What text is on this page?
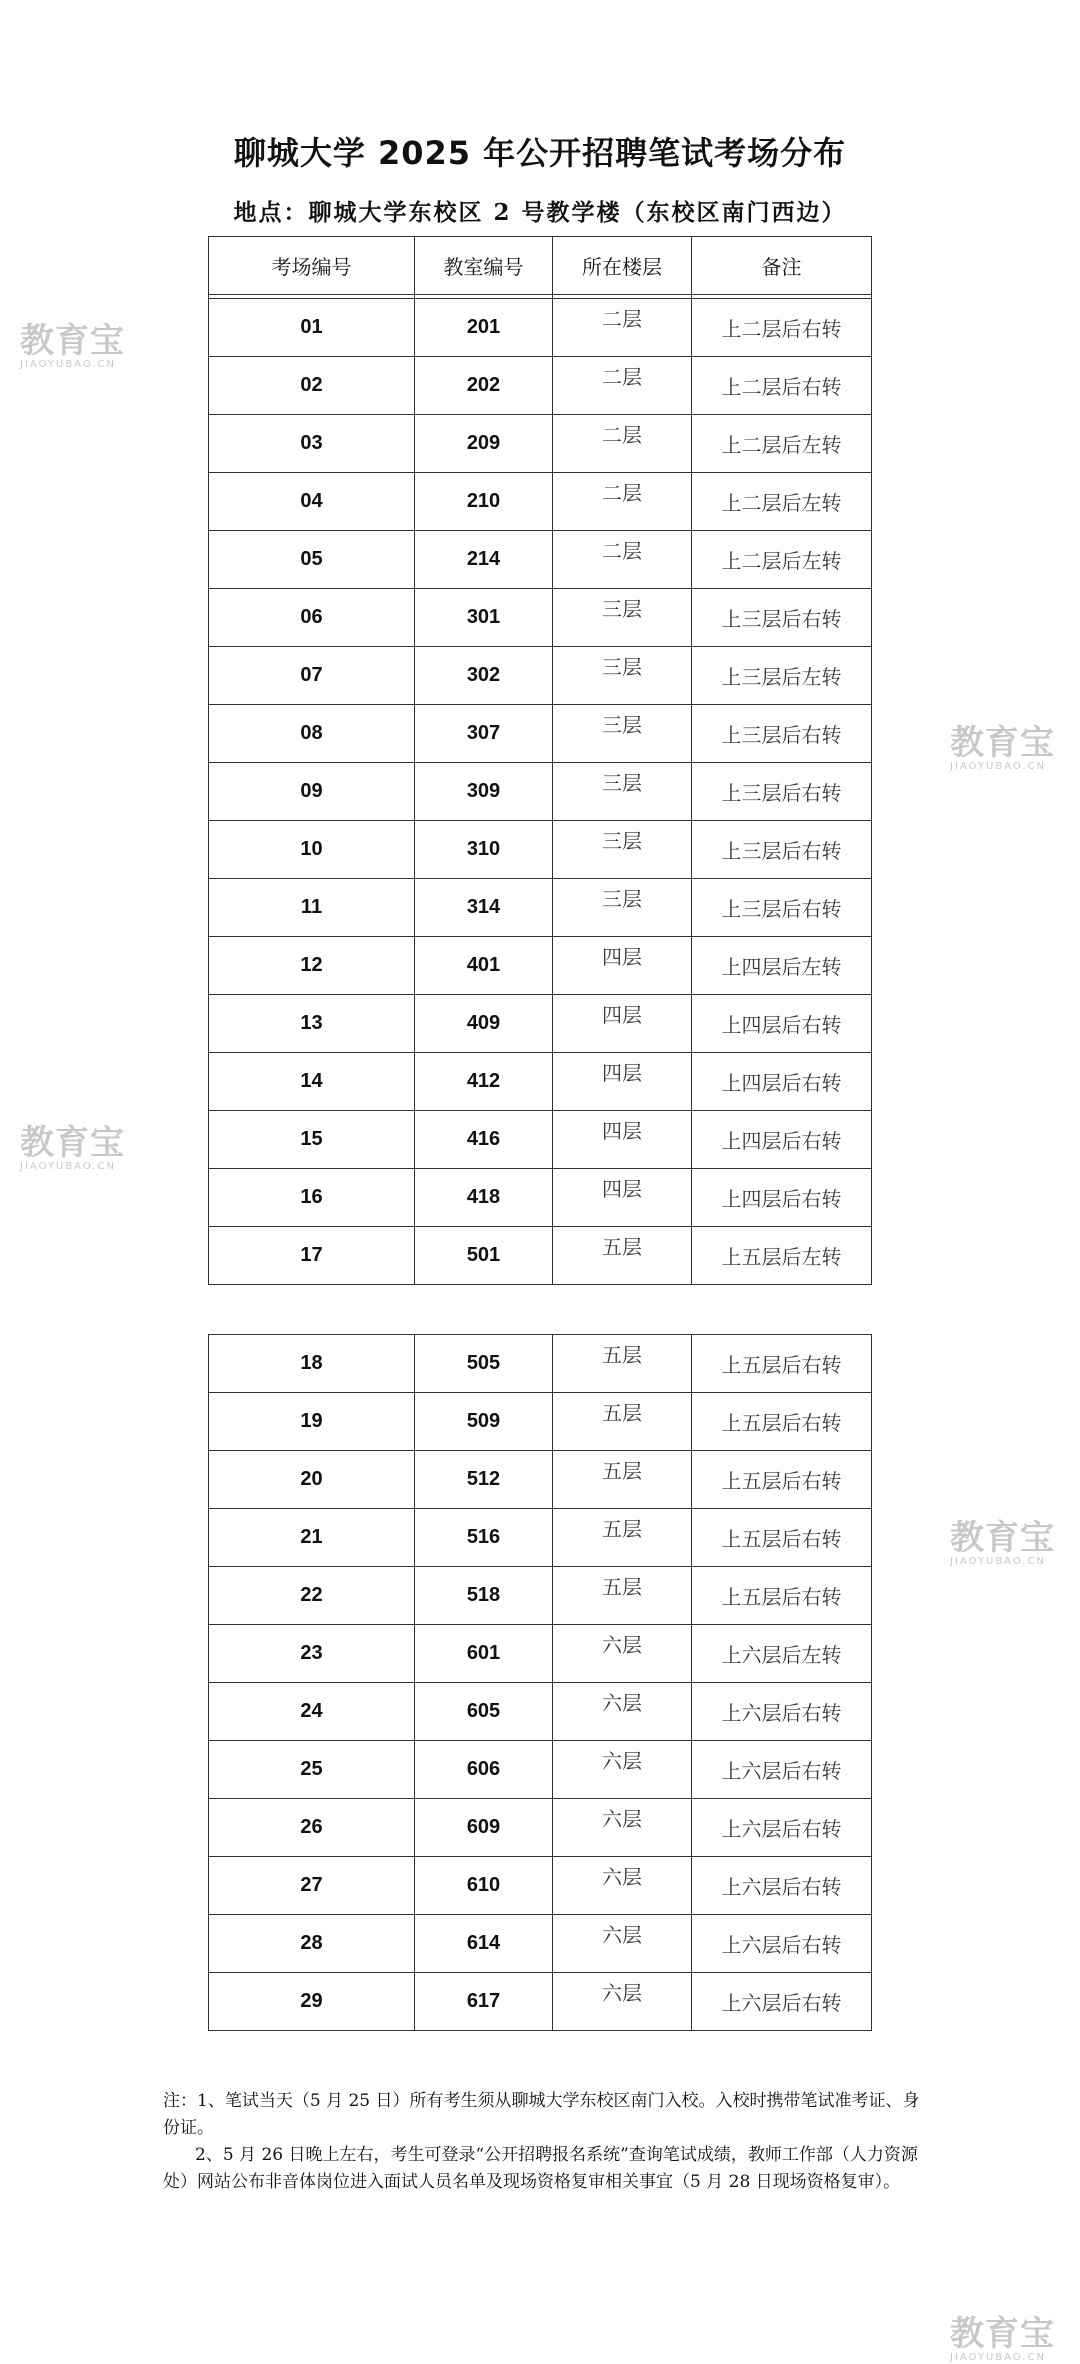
聊城大学 2025 年公开招聘笔试考场分布
地点：聊城大学东校区 2 号教学楼（东校区南门西边）
考场编号	教室编号	所在楼层	备注

01	201	二层	上二层后右转
02	202	二层	上二层后右转
03	209	二层	上二层后左转
04	210	二层	上二层后左转
05	214	二层	上二层后左转
06	301	三层	上三层后右转
07	302	三层	上三层后左转
08	307	三层	上三层后右转
09	309	三层	上三层后右转
10	310	三层	上三层后右转
11	314	三层	上三层后右转
12	401	四层	上四层后左转
13	409	四层	上四层后右转
14	412	四层	上四层后右转
15	416	四层	上四层后右转
16	418	四层	上四层后右转
17	501	五层	上五层后左转
18	505	五层	上五层后右转
19	509	五层	上五层后右转
20	512	五层	上五层后右转
21	516	五层	上五层后右转
22	518	五层	上五层后右转
23	601	六层	上六层后左转
24	605	六层	上六层后右转
25	606	六层	上六层后右转
26	609	六层	上六层后右转
27	610	六层	上六层后右转
28	614	六层	上六层后右转
29	617	六层	上六层后右转

注：1、笔试当天（5 月 25 日）所有考生须从聊城大学东校区南门入校。入校时携带笔试准考证、身份证。

2、5 月 26 日晚上左右，考生可登录“公开招聘报名系统”查询笔试成绩，教师工作部（人力资源处）网站公布非音体岗位进入面试人员名单及现场资格复审相关事宜（5 月 28 日现场资格复审）。

教育宝
JIAOYUBAO.CN
教育宝
JIAOYUBAO.CN
教育宝
JIAOYUBAO.CN
教育宝
JIAOYUBAO.CN
教育宝
JIAOYUBAO.CN
